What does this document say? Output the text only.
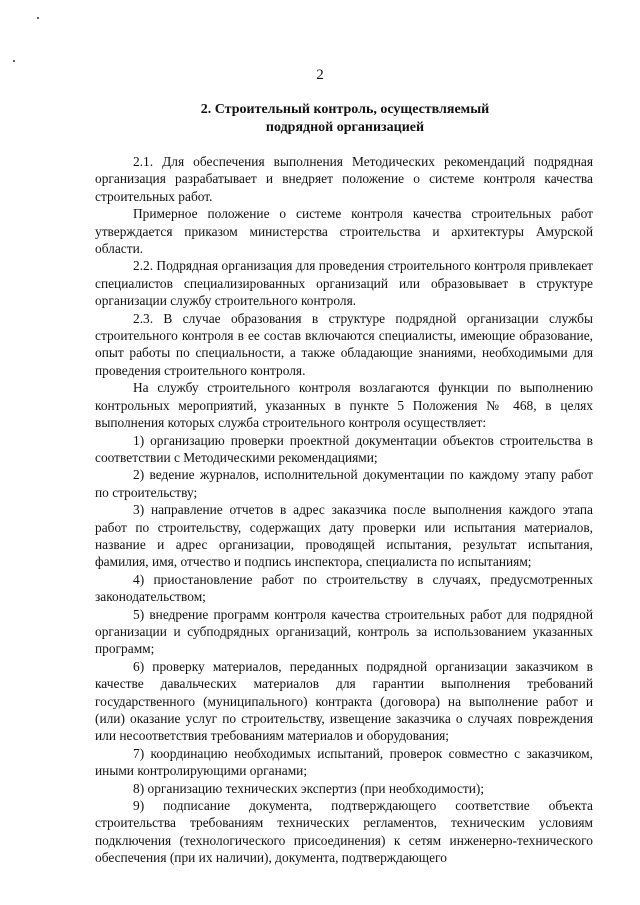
2
2. Строительный контроль, осуществляемый
подрядной организацией

2.1. Для обеспечения выполнения Методических рекомендаций подрядная организация разрабатывает и внедряет положение о системе контроля качества строительных работ.

Примерное положение о системе контроля качества строительных работ утверждается приказом министерства строительства и архитектуры Амурской области.

2.2. Подрядная организация для проведения строительного контроля привлекает специалистов специализированных организаций или образовывает в структуре организации службу строительного контроля.

2.3. В случае образования в структуре подрядной организации службы строительного контроля в ее состав включаются специалисты, имеющие образование, опыт работы по специальности, а также обладающие знаниями, необходимыми для проведения строительного контроля.

На службу строительного контроля возлагаются функции по выполнению контрольных мероприятий, указанных в пункте 5 Положения № 468, в целях выполнения которых служба строительного контроля осуществляет:

1) организацию проверки проектной документации объектов строительства в соответствии с Методическими рекомендациями;

2) ведение журналов, исполнительной документации по каждому этапу работ по строительству;

3) направление отчетов в адрес заказчика после выполнения каждого этапа работ по строительству, содержащих дату проверки или испытания материалов, название и адрес организации, проводящей испытания, результат испытания, фамилия, имя, отчество и подпись инспектора, специалиста по испытаниям;

4) приостановление работ по строительству в случаях, предусмотренных законодательством;

5) внедрение программ контроля качества строительных работ для подрядной организации и субподрядных организаций, контроль за использованием указанных программ;

6) проверку материалов, переданных подрядной организации заказчиком в качестве давальческих материалов для гарантии выполнения требований государственного (муниципального) контракта (договора) на выполнение работ и (или) оказание услуг по строительству, извещение заказчика о случаях повреждения или несоответствия требованиям материалов и оборудования;

7) координацию необходимых испытаний, проверок совместно с заказчиком, иными контролирующими органами;

8) организацию технических экспертиз (при необходимости);

9) подписание документа, подтверждающего соответствие объекта строительства требованиям технических регламентов, техническим условиям подключения (технологического присоединения) к сетям инженерно-технического обеспечения (при их наличии), документа, подтверждающего
